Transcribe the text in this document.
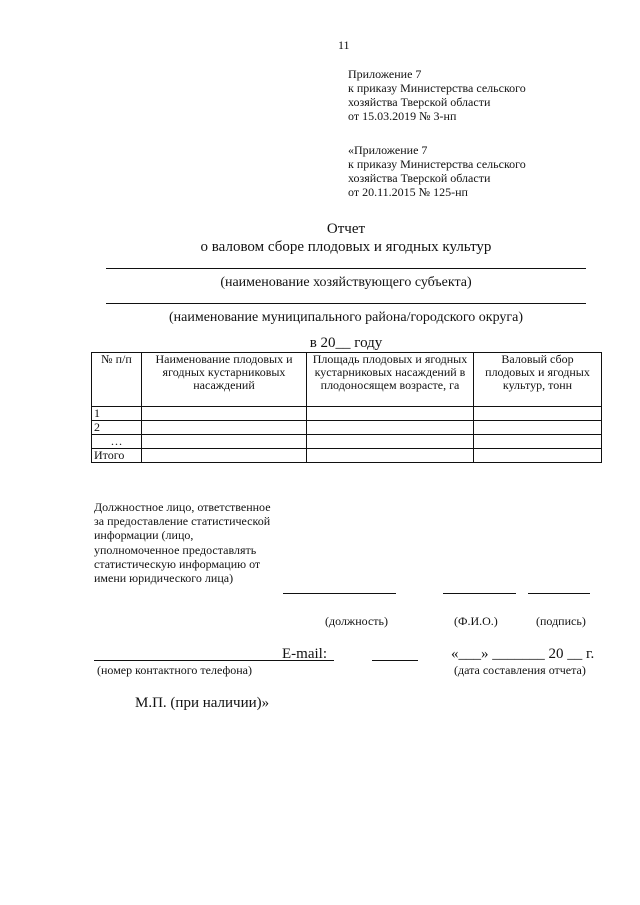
11
Приложение 7
к приказу Министерства сельского
хозяйства Тверской области
от 15.03.2019 № 3-нп
«Приложение 7
к приказу Министерства сельского
хозяйства Тверской области
от 20.11.2015 № 125-нп
Отчет
о валовом сборе плодовых и ягодных культур
(наименование хозяйствующего субъекта)
(наименование муниципального района/городского округа)
в 20__ году
№ п/п	Наименование плодовых и ягодных кустарниковых насаждений	Площадь плодовых и ягодных кустарниковых насаждений в плодоносящем возрасте, га	Валовый сбор плодовых и ягодных культур, тонн
1			
2			
…			
Итого			
Должностное лицо, ответственное за предоставление статистической информации (лицо, уполномоченное предоставлять статистическую информацию от имени юридического лица)
(должность)	(Ф.И.О.)	(подпись)
E-mail:
(номер контактного телефона)
«___» _______ 20 __ г.
(дата составления отчета)
М.П. (при наличии)»
